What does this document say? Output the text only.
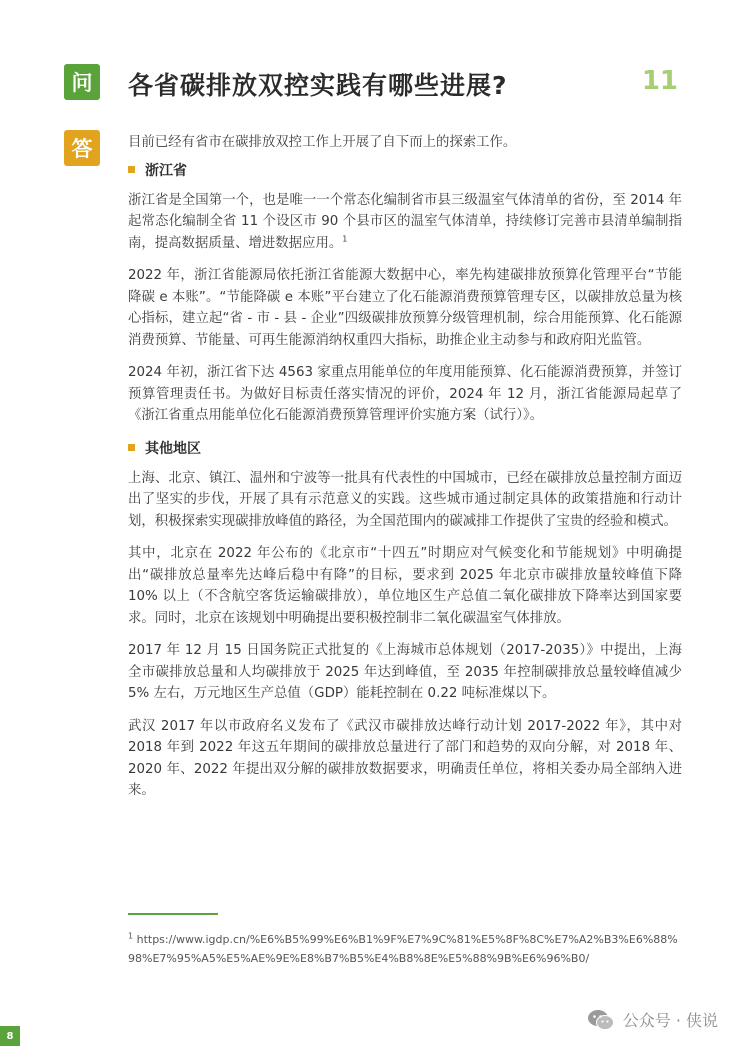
问	各省碳排放双控实践有哪些进展?	11
答	目前已经有省市在碳排放双控工作上开展了自下而上的探索工作。

浙江省

浙江省是全国第一个，也是唯一一个常态化编制省市县三级温室气体清单的省份，至 2014 年起常态化编制全省 11 个设区市 90 个县市区的温室气体清单，持续修订完善市县清单编制指南，提高数据质量、增进数据应用。$^1$

2022 年，浙江省能源局依托浙江省能源大数据中心，率先构建碳排放预算化管理平台“节能降碳 e 本账”。“节能降碳 e 本账”平台建立了化石能源消费预算管理专区，以碳排放总量为核心指标，建立起“省 - 市 - 县 - 企业”四级碳排放预算分级管理机制，综合用能预算、化石能源消费预算、节能量、可再生能源消纳权重四大指标，助推企业主动参与和政府阳光监管。

2024 年初，浙江省下达 4563 家重点用能单位的年度用能预算、化石能源消费预算，并签订预算管理责任书。为做好目标责任落实情况的评价，2024 年 12 月，浙江省能源局起草了《浙江省重点用能单位化石能源消费预算管理评价实施方案（试行）》。

其他地区

上海、北京、镇江、温州和宁波等一批具有代表性的中国城市，已经在碳排放总量控制方面迈出了坚实的步伐，开展了具有示范意义的实践。这些城市通过制定具体的政策措施和行动计划，积极探索实现碳排放峰值的路径，为全国范围内的碳减排工作提供了宝贵的经验和模式。

其中，北京在 2022 年公布的《北京市“十四五”时期应对气候变化和节能规划》中明确提出“碳排放总量率先达峰后稳中有降”的目标，要求到 2025 年北京市碳排放量较峰值下降 10% 以上（不含航空客货运输碳排放），单位地区生产总值二氧化碳排放下降率达到国家要求。同时，北京在该规划中明确提出要积极控制非二氧化碳温室气体排放。

2017 年 12 月 15 日国务院正式批复的《上海城市总体规划（2017-2035）》中提出，上海全市碳排放总量和人均碳排放于 2025 年达到峰值，至 2035 年控制碳排放总量较峰值减少 5% 左右，万元地区生产总值（GDP）能耗控制在 0.22 吨标准煤以下。

武汉 2017 年以市政府名义发布了《武汉市碳排放达峰行动计划 2017-2022 年》，其中对 2018 年到 2022 年这五年期间的碳排放总量进行了部门和趋势的双向分解，对 2018 年、2020 年、2022 年提出双分解的碳排放数据要求，明确责任单位，将相关委办局全部纳入进来。

$^1$ https://www.igdp.cn/%E6%B5%99%E6%B1%9F%E7%9C%81%E5%8F%8C%E7%A2%B3%E6%88%98%E7%95%A5%E5%AE%9E%E8%B7%B5%E4%B8%8E%E5%88%9B%E6%96%B0/
8
公众号 · 侠说
